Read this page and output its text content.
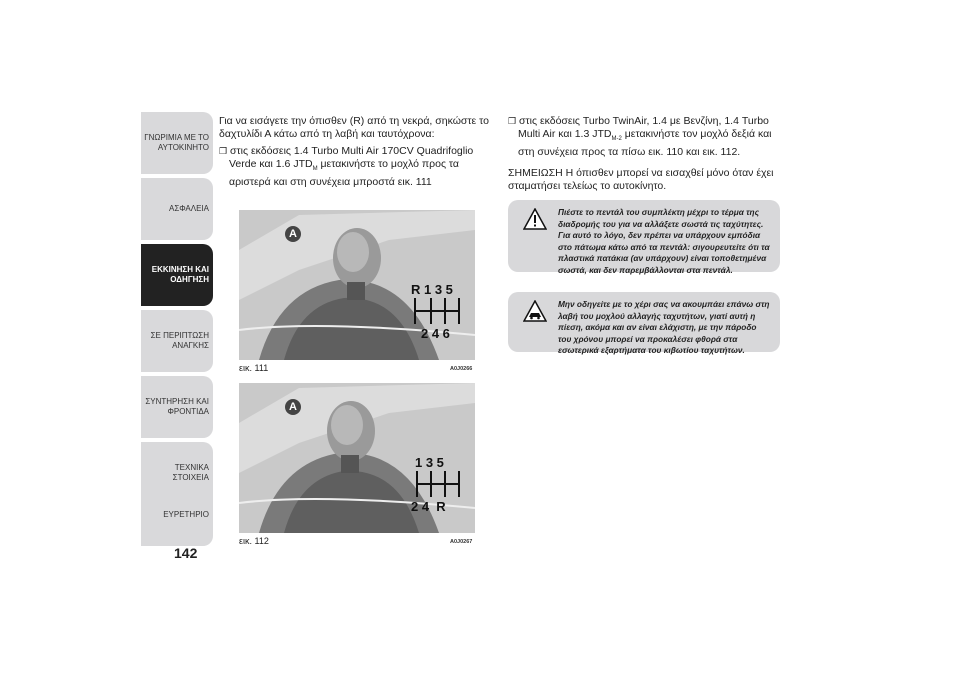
ΓΝΩΡΙΜΙΑ ΜΕ ΤΟ
ΑΥΤΟΚΙΝΗΤΟ
ΑΣΦΑΛΕΙΑ
ΕΚΚΙΝΗΣΗ ΚΑΙ
ΟΔΗΓΗΣΗ
ΣΕ ΠΕΡΙΠΤΩΣΗ
ΑΝΑΓΚΗΣ
ΣΥΝΤΗΡΗΣΗ ΚΑΙ
ΦΡΟΝΤΙΔΑ
ΤΕΧΝΙΚΑ ΣΤΟΙΧΕΙΑ
ΕΥΡΕΤΗΡΙΟ
142

Για να εισάγετε την όπισθεν (R) από τη νεκρά, σηκώστε το δαχτυλίδι Α κάτω από τη λαβή και ταυτόχρονα:

❒ στις εκδόσεις 1.4 Turbo Multi Air 170CV Quadrifoglio Verde και 1.6 $JTD_M$ μετακινήστε το μοχλό προς τα αριστερά και στη συνέχεια μπροστά εικ. 111

A
R 1 3 5
2 4 6
εικ. 111	A0J0266
A
1 3 5
2 4  R
εικ. 112	A0J0267

❒ στις εκδόσεις Turbo TwinAir, 1.4 με Βενζίνη, 1.4 Turbo Multi Air και 1.3 $JTD_{M-2}$ μετακινήστε τον μοχλό δεξιά και στη συνέχεια προς τα πίσω εικ. 110 και εικ. 112.

ΣΗΜΕΙΩΣΗ Η όπισθεν μπορεί να εισαχθεί μόνο όταν έχει σταματήσει τελείως το αυτοκίνητο.

Πιέστε το πεντάλ του συμπλέκτη μέχρι το τέρμα της διαδρομής του για να αλλάξετε σωστά τις ταχύτητες. Για αυτό το λόγο, δεν πρέπει να υπάρχουν εμπόδια στο πάτωμα κάτω από τα πεντάλ: σιγουρευτείτε ότι τα πλαστικά πατάκια (αν υπάρχουν) είναι τοποθετημένα σωστά, και δεν παρεμβάλλονται στα πεντάλ.
Μην οδηγείτε με το χέρι σας να ακουμπάει επάνω στη λαβή του μοχλού αλλαγής ταχυτήτων, γιατί αυτή η πίεση, ακόμα και αν είναι ελάχιστη, με την πάροδο του χρόνου μπορεί να προκαλέσει φθορά στα εσωτερικά εξαρτήματα του κιβωτίου ταχυτήτων.
